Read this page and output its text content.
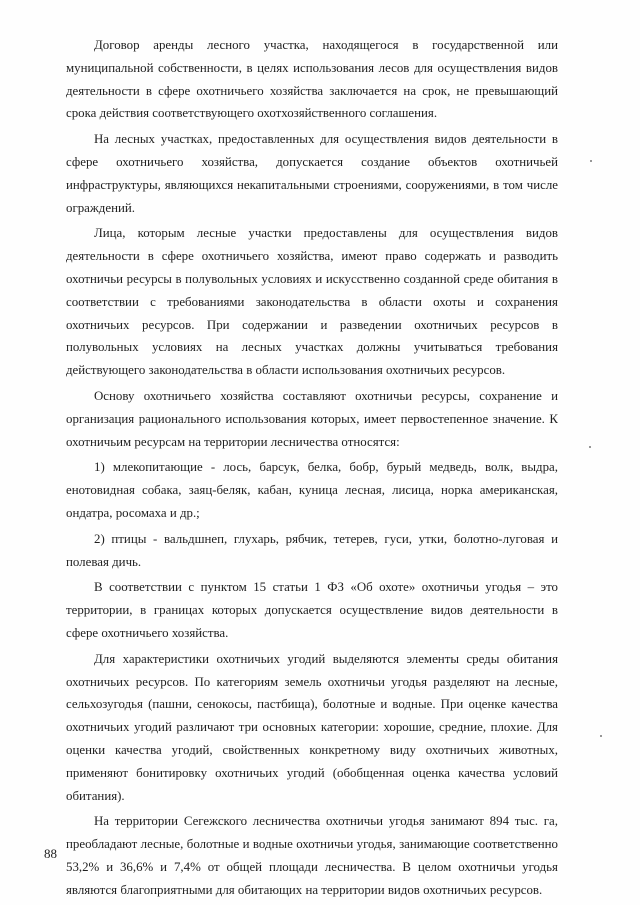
Договор аренды лесного участка, находящегося в государственной или муниципальной собственности, в целях использования лесов для осуществления видов деятельности в сфере охотничьего хозяйства заключается на срок, не превышающий срока действия соответствующего охотхозяйственного соглашения.

На лесных участках, предоставленных для осуществления видов деятельности в сфере охотничьего хозяйства, допускается создание объектов охотничьей инфраструктуры, являющихся некапитальными строениями, сооружениями, в том числе ограждений.

Лица, которым лесные участки предоставлены для осуществления видов деятельности в сфере охотничьего хозяйства, имеют право содержать и разводить охотничьи ресурсы в полувольных условиях и искусственно созданной среде обитания в соответствии с требованиями законодательства в области охоты и сохранения охотничьих ресурсов. При содержании и разведении охотничьих ресурсов в полувольных условиях на лесных участках должны учитываться требования действующего законодательства в области использования охотничьих ресурсов.

Основу охотничьего хозяйства составляют охотничьи ресурсы, сохранение и организация рационального использования которых, имеет первостепенное значение. К охотничьим ресурсам на территории лесничества относятся:

1) млекопитающие - лось, барсук, белка, бобр, бурый медведь, волк, выдра, енотовидная собака, заяц-беляк, кабан, куница лесная, лисица, норка американская, ондатра, росомаха и др.;

2) птицы - вальдшнеп, глухарь, рябчик, тетерев, гуси, утки, болотно-луговая и полевая дичь.

В соответствии с пунктом 15 статьи 1 ФЗ «Об охоте» охотничьи угодья – это территории, в границах которых допускается осуществление видов деятельности в сфере охотничьего хозяйства.

Для характеристики охотничьих угодий выделяются элементы среды обитания охотничьих ресурсов. По категориям земель охотничьи угодья разделяют на лесные, сельхозугодья (пашни, сенокосы, пастбища), болотные и водные. При оценке качества охотничьих угодий различают три основных категории: хорошие, средние, плохие. Для оценки качества угодий, свойственных конкретному виду охотничьих животных, применяют бонитировку охотничьих угодий (обобщенная оценка качества условий обитания).

На территории Сегежского лесничества охотничьи угодья занимают 894 тыс. га, преобладают лесные, болотные и водные охотничьи угодья, занимающие соответственно 53,2% и 36,6% и 7,4% от общей площади лесничества. В целом охотничьи угодья являются благоприятными для обитающих на территории видов охотничьих ресурсов.

88
